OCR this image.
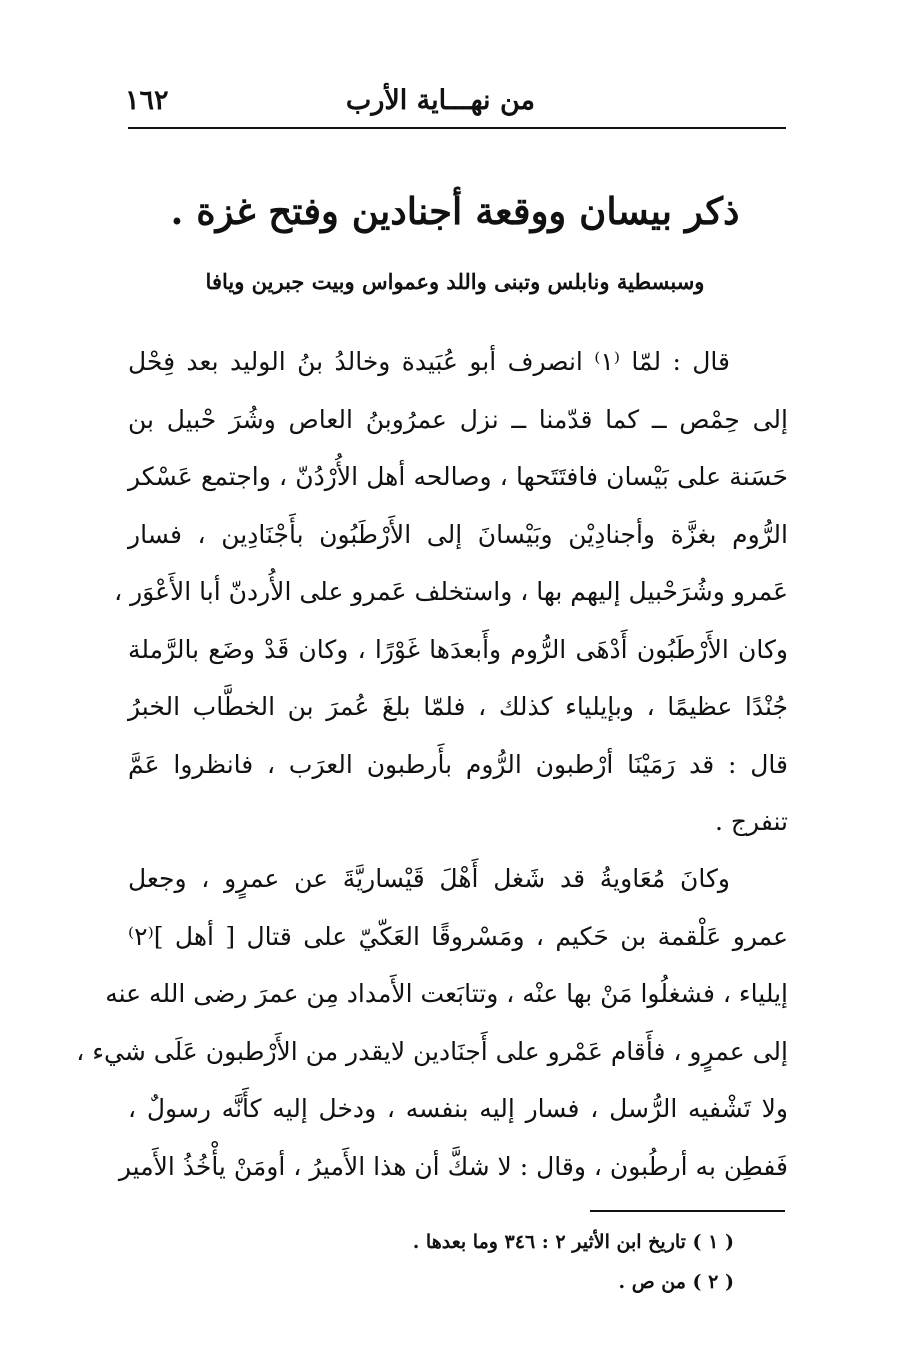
من نهـــاية الأرب
١٦٢
ذكر بيسان ووقعة أجنادين وفتح غزة .

وسبسطية ونابلس وتبنى واللد وعمواس وبيت جبرين ويافا

قال : لمّا ⁽١⁾ انصرف أبو عُبَيدة وخالدُ بنُ الوليد بعد فِحْل
إلى حِمْص ــ كما قدّمنا ــ نزل عمرُوبنُ العاص وشُرَ حْبيل بن
حَسَنة على بَيْسان فافتَتَحها ، وصالحه أهل الأُرْدُنّ ، واجتمع عَسْكر
الرُّوم بغزَّة وأجنادِيْن وبَيْسانَ إلى الأَرْطَبُون بأَجْنَادِين ، فسار
عَمرو وشُرَحْبيل إليهم بها ، واستخلف عَمرو على الأُردنّ أبا الأَعْوَر ،
وكان الأَرْطَبُون أَدْهَى الرُّوم وأَبعدَها غَوْرًا ، وكان قَدْ وضَع بالرَّملة
جُنْدًا عظيمًا ، وبإيلياء كذلك ، فلمّا بلغَ عُمرَ بن الخطَّاب الخبرُ
قال : قد رَمَيْنَا أرْطبون الرُّوم بأَرطبون العرَب ، فانظروا عَمَّ
تنفرج .
وكانَ مُعَاويةُ قد شَغل أَهْلَ قَيْساريَّةَ عن عمرٍو ، وجعل
عمرو عَلْقمة بن حَكيم ، ومَسْروقًا العَكّيّ على قتال [ أهل ]⁽٢⁾
إيلياء ، فشغلُوا مَنْ بها عنْه ، وتتابَعت الأَمداد مِن عمرَ رضى الله عنه
إلى عمرٍو ، فأَقام عَمْرو على أَجنَادين لايقدر من الأَرْطبون عَلَى شيء ،
ولا تَشْفيه الرُّسل ، فسار إليه بنفسه ، ودخل إليه كأَنَّه رسولٌ ،
فَفطِن به أرطُبون ، وقال : لا شكَّ أن هذا الأَميرُ ، أومَنْ يأْخُذُ الأَمير
( ١ ) تاريخ ابن الأثير ٢ : ٣٤٦ وما بعدها .
( ٢ ) من ص .
